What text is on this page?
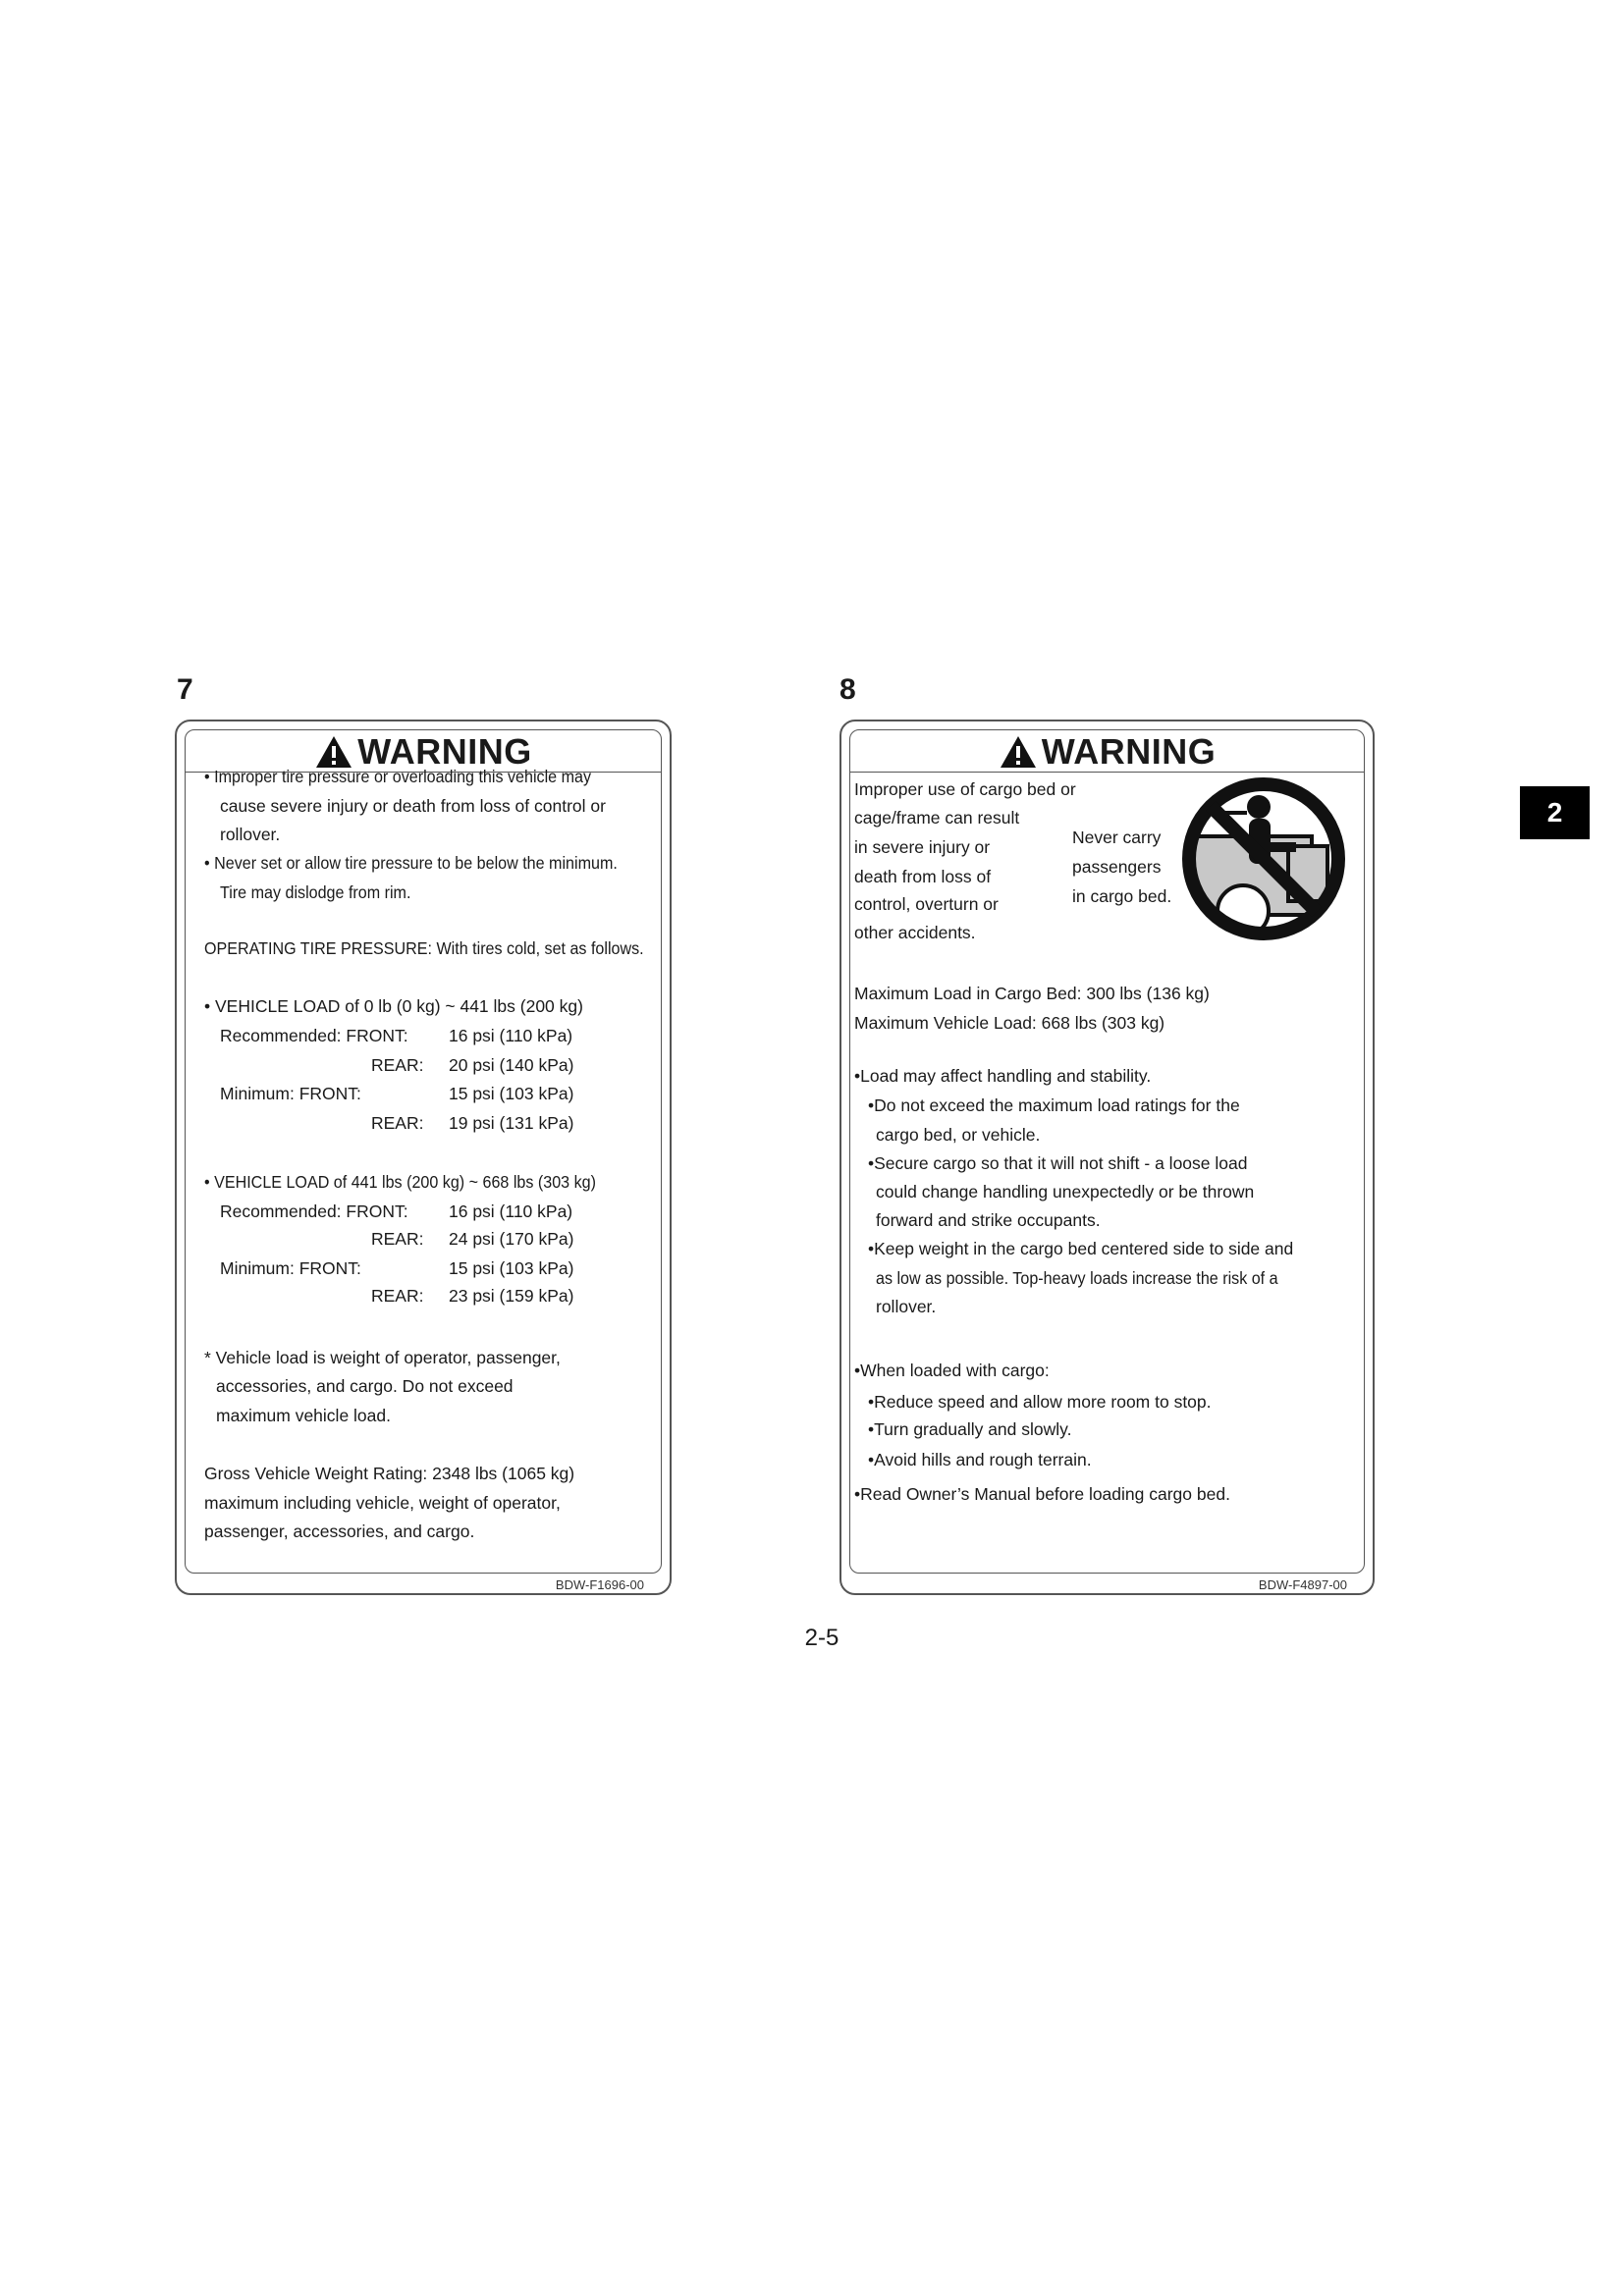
7
WARNING
BDW-F1696-00
• Improper tire pressure or overloading this vehicle may
cause severe injury or death from loss of control or
rollover.
• Never set or allow tire pressure to be below the minimum.
Tire may dislodge from rim.
OPERATING TIRE PRESSURE: With tires cold, set as follows.
• VEHICLE LOAD of 0 lb (0 kg) ~ 441 lbs (200 kg)
Recommended: FRONT: 16 psi (110 kPa)
REAR: 20 psi (140 kPa)
Minimum: FRONT:	15 psi (103 kPa)
REAR: 19 psi (131 kPa)
• VEHICLE LOAD of 441 lbs (200 kg) ~ 668 lbs (303 kg)
Recommended: FRONT: 16 psi (110 kPa)
REAR: 24 psi (170 kPa)
Minimum: FRONT:	15 psi (103 kPa)
REAR: 23 psi (159 kPa)
* Vehicle load is weight of operator, passenger,
accessories, and cargo. Do not exceed
maximum vehicle load.
Gross Vehicle Weight Rating: 2348 lbs (1065 kg)
maximum including vehicle, weight of operator,
passenger, accessories, and cargo.
8
WARNING
BDW-F4897-00
Improper use of cargo bed or
cage/frame can result
in severe injury or
death from loss of
control, overturn or
other accidents.
Never carry
passengers
in cargo bed.
Maximum Load in Cargo Bed: 300 lbs (136 kg)
Maximum Vehicle Load: 668 lbs (303 kg)
•Load may affect handling and stability.
•Do not exceed the maximum load ratings for the
cargo bed, or vehicle.
•Secure cargo so that it will not shift - a loose load
could change handling unexpectedly or be thrown
forward and strike occupants.
•Keep weight in the cargo bed centered side to side and
as low as possible. Top-heavy loads increase the risk of a
rollover.
•When loaded with cargo:
•Reduce speed and allow more room to stop.
•Turn gradually and slowly.
•Avoid hills and rough terrain.
•Read Owner’s Manual before loading cargo bed.
2
2-5
